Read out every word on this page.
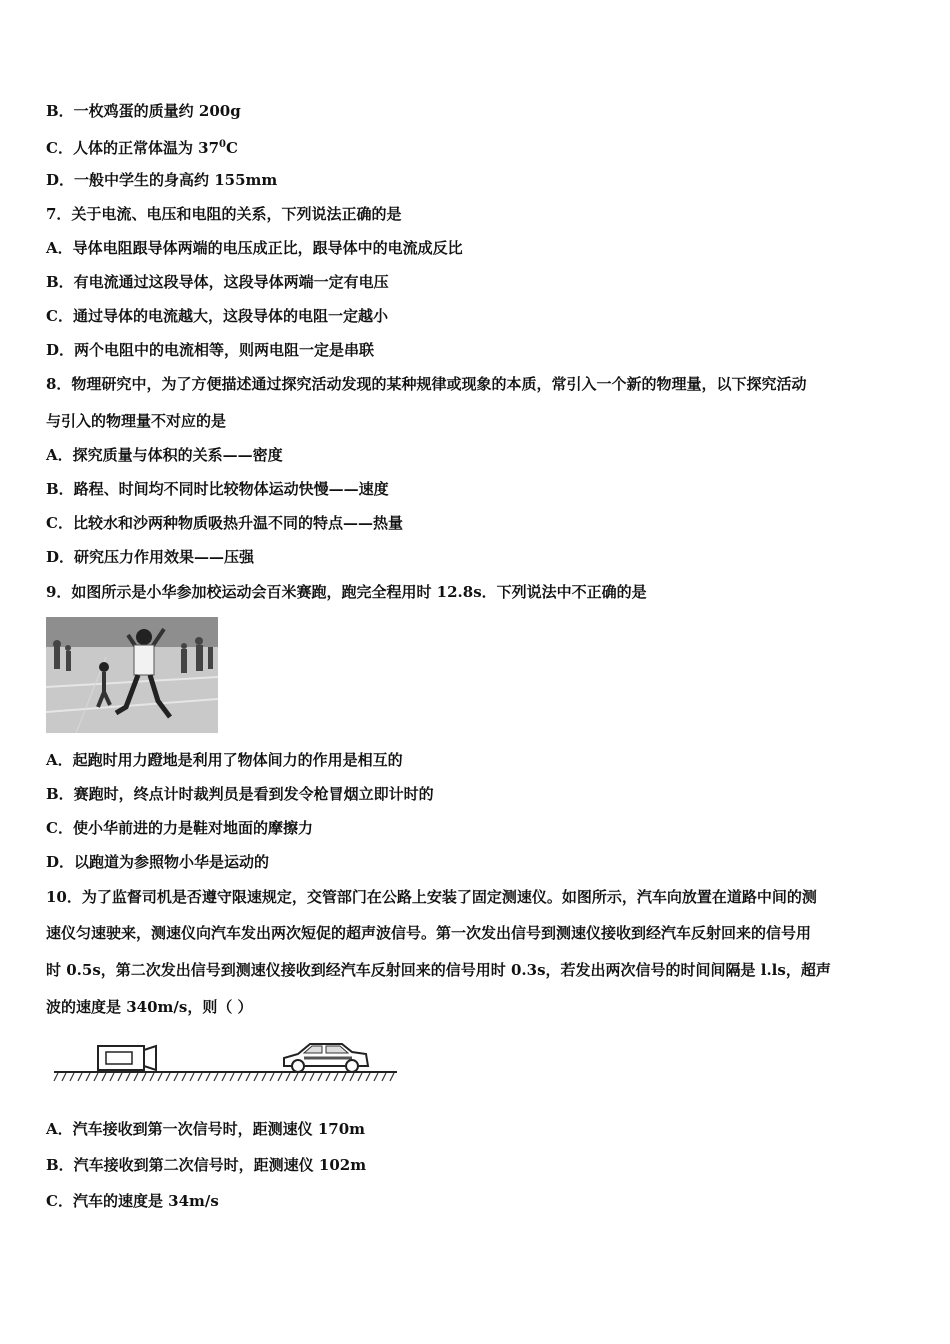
B．一枚鸡蛋的质量约 200g
C．人体的正常体温为 $37^0C$
D．一般中学生的身高约 155mm
7．关于电流、电压和电阻的关系，下列说法正确的是
A．导体电阻跟导体两端的电压成正比，跟导体中的电流成反比
B．有电流通过这段导体，这段导体两端一定有电压
C．通过导体的电流越大，这段导体的电阻一定越小
D．两个电阻中的电流相等，则两电阻一定是串联
8．物理研究中，为了方便描述通过探究活动发现的某种规律或现象的本质，常引入一个新的物理量，以下探究活动
与引入的物理量不对应的是
A．探究质量与体积的关系——密度
B．路程、时间均不同时比较物体运动快慢——速度
C．比较水和沙两种物质吸热升温不同的特点——热量
D．研究压力作用效果——压强
9．如图所示是小华参加校运动会百米赛跑，跑完全程用时 12.8s．下列说法中不正确的是
A．起跑时用力蹬地是利用了物体间力的作用是相互的
B．赛跑时，终点计时裁判员是看到发令枪冒烟立即计时的
C．使小华前进的力是鞋对地面的摩擦力
D．以跑道为参照物小华是运动的
10．为了监督司机是否遵守限速规定，交管部门在公路上安装了固定测速仪。如图所示，汽车向放置在道路中间的测
速仪匀速驶来，测速仪向汽车发出两次短促的超声波信号。第一次发出信号到测速仪接收到经汽车反射回来的信号用
时 0.5s，第二次发出信号到测速仪接收到经汽车反射回来的信号用时 0.3s，若发出两次信号的时间间隔是 l.ls，超声
波的速度是 340m/s，则（ ）
A．汽车接收到第一次信号时，距测速仪 170m
B．汽车接收到第二次信号时，距测速仪 102m
C．汽车的速度是 34m/s
